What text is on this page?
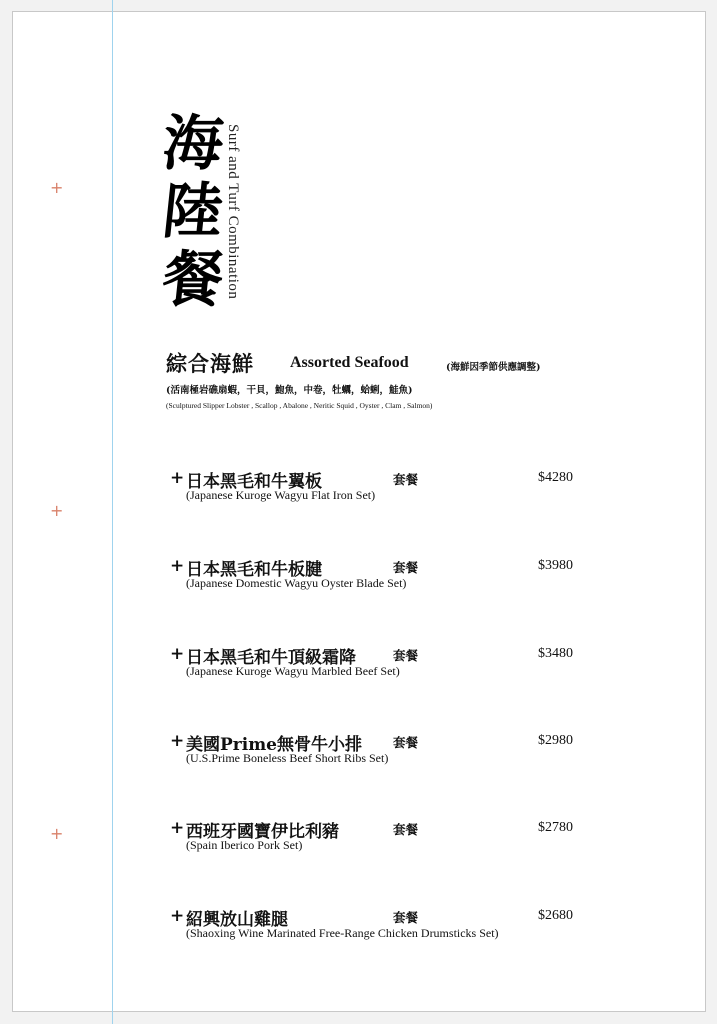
+
+
+
海
陸
餐
Surf and Turf Combination
綜合海鮮 Assorted Seafood	(海鮮因季節供應調整)
(活南極岩礁扇蝦，干貝，鮑魚，中卷，牡蠣，蛤蜊，鮭魚)
(Sculptured Slipper Lobster , Scallop , Abalone , Neritic Squid , Oyster , Clam , Salmon)
+ 日本黑毛和牛翼板	套餐	$4280
(Japanese Kuroge Wagyu Flat Iron Set)
+ 日本黑毛和牛板腱	套餐	$3980
(Japanese Domestic Wagyu Oyster Blade Set)
+ 日本黑毛和牛頂級霜降	套餐	$3480
(Japanese Kuroge Wagyu Marbled Beef Set)
+ 美國Prime無骨牛小排 套餐	$2980
(U.S.Prime Boneless Beef Short Ribs Set)
+ 西班牙國寶伊比利豬	套餐	$2780
(Spain Iberico Pork Set)
+ 紹興放山雞腿	套餐	$2680
(Shaoxing Wine Marinated Free-Range Chicken Drumsticks Set)
